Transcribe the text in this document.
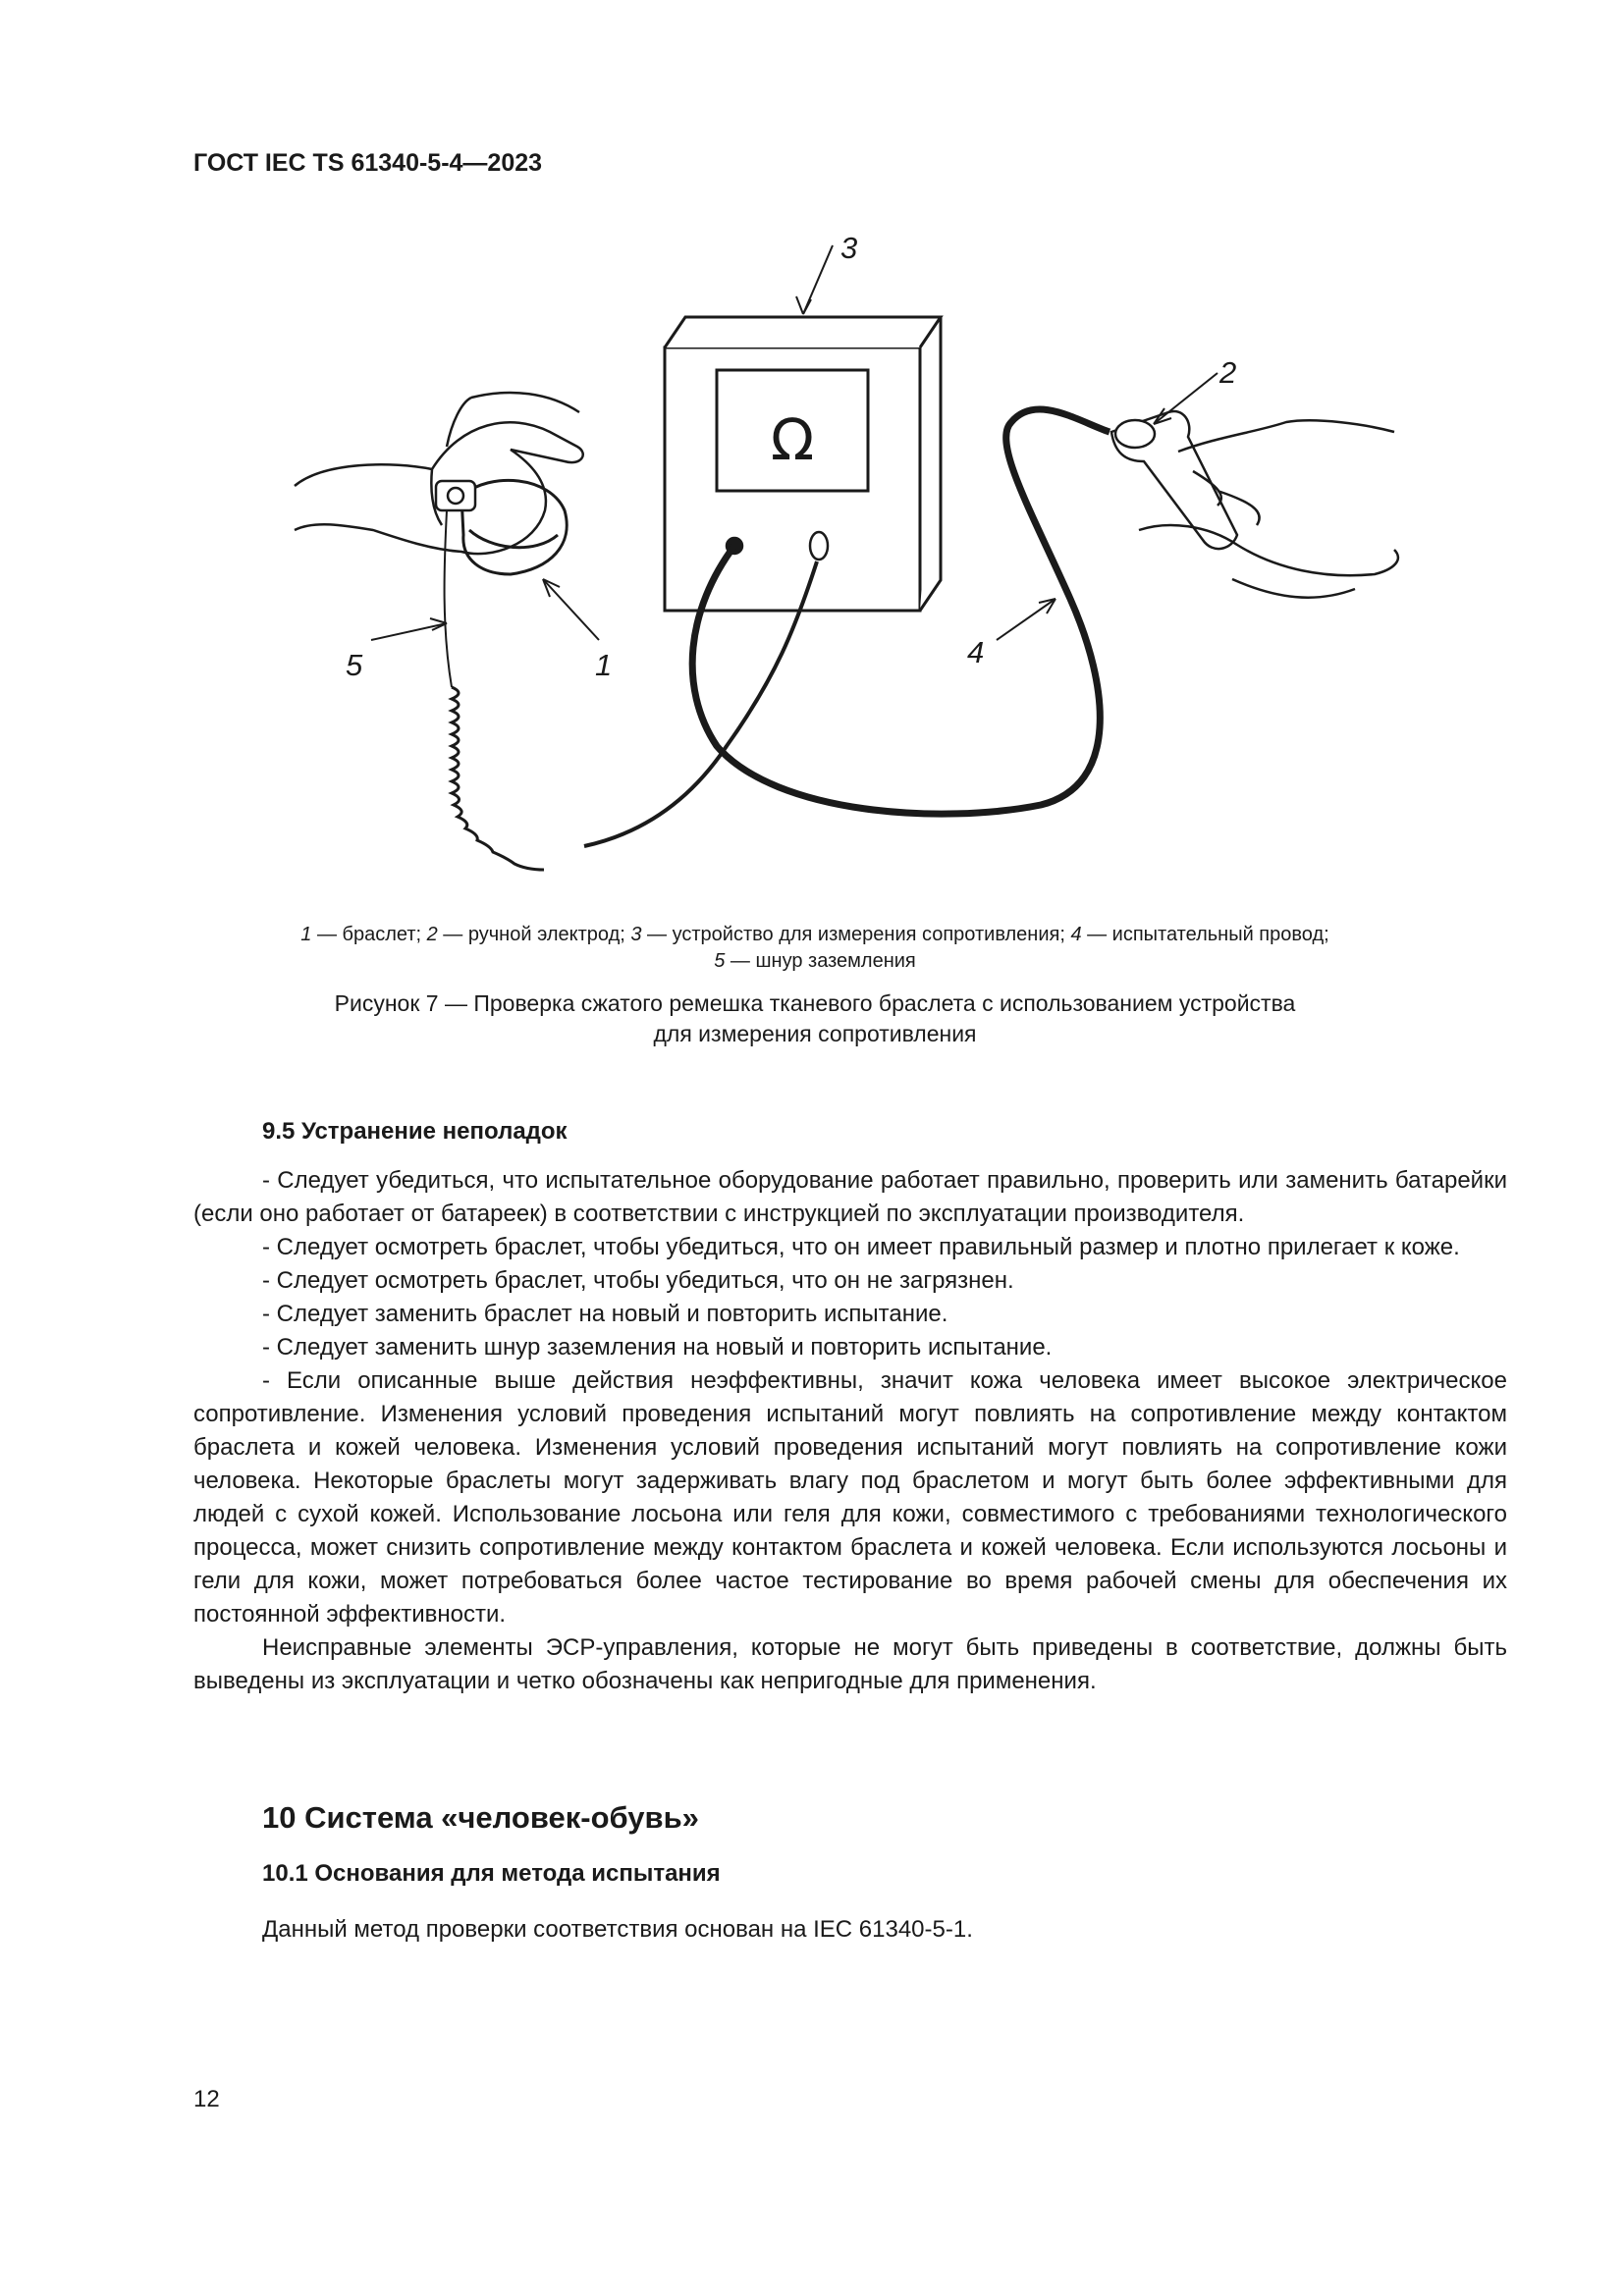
ГОСТ IEC TS 61340-5-4—2023
Ω
3
2
4
1
5
1 — браслет; 2 — ручной электрод; 3 — устройство для измерения сопротивления; 4 — испытательный провод;
5 — шнур заземления
Рисунок 7 — Проверка сжатого ремешка тканевого браслета с использованием устройства
для измерения сопротивления
9.5 Устранение неполадок

- Следует убедиться, что испытательное оборудование работает правильно, проверить или заменить батарейки (если оно работает от батареек) в соответствии с инструкцией по эксплуатации производителя.

- Следует осмотреть браслет, чтобы убедиться, что он имеет правильный размер и плотно прилегает к коже.

- Следует осмотреть браслет, чтобы убедиться, что он не загрязнен.

- Следует заменить браслет на новый и повторить испытание.

- Следует заменить шнур заземления на новый и повторить испытание.

- Если описанные выше действия неэффективны, значит кожа человека имеет высокое электрическое сопротивление. Изменения условий проведения испытаний могут повлиять на сопротивление между контактом браслета и кожей человека. Изменения условий проведения испытаний могут повлиять на сопротивление кожи человека. Некоторые браслеты могут задерживать влагу под браслетом и могут быть более эффективными для людей с сухой кожей. Использование лосьона или геля для кожи, совместимого с требованиями технологического процесса, может снизить сопротивление между контактом браслета и кожей человека. Если используются лосьоны и гели для кожи, может потребоваться более частое тестирование во время рабочей смены для обеспечения их постоянной эффективности.

Неисправные элементы ЭСР-управления, которые не могут быть приведены в соответствие, должны быть выведены из эксплуатации и четко обозначены как непригодные для применения.

10 Система «человек-обувь»
10.1 Основания для метода испытания
Данный метод проверки соответствия основан на IEC 61340-5-1.
12
